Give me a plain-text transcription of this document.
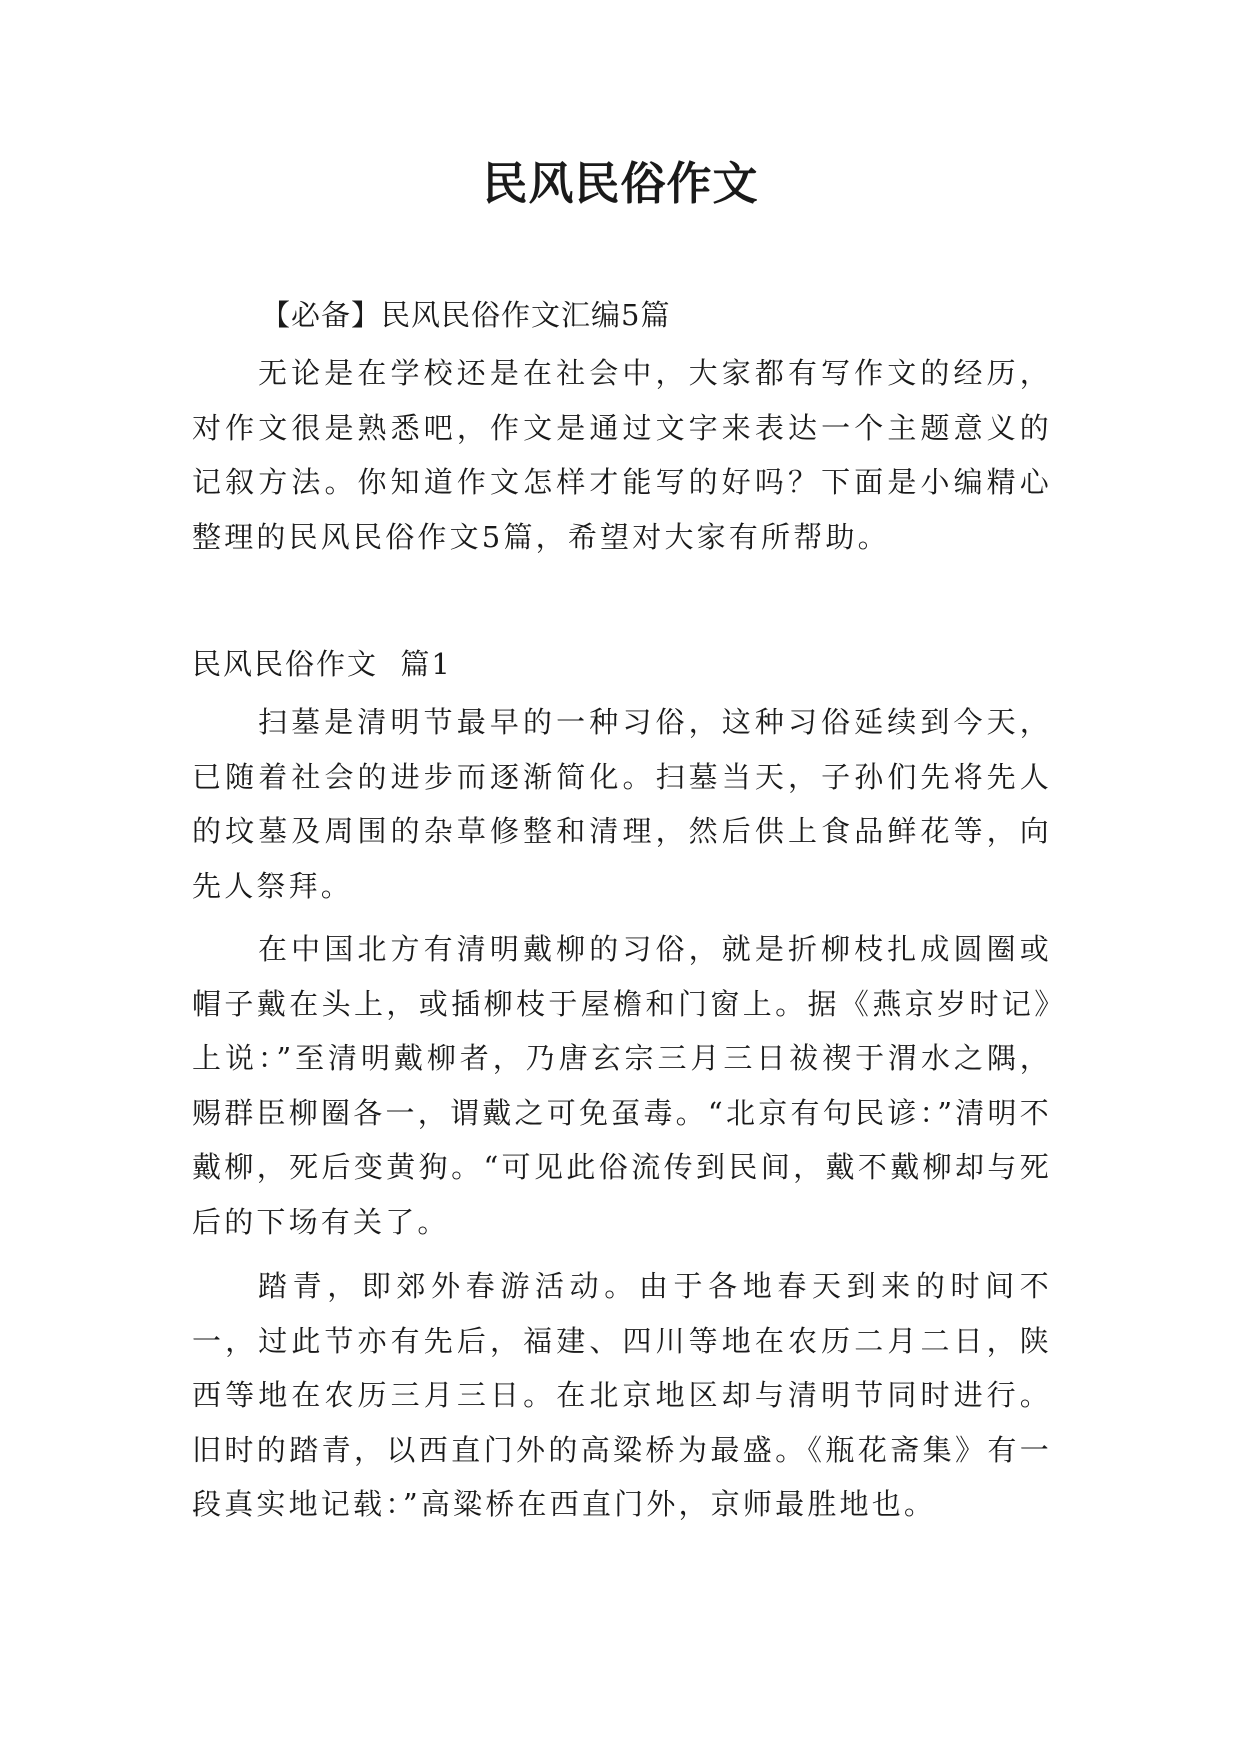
民风民俗作文
【必备】民风民俗作文汇编5篇
无论是在学校还是在社会中，大家都有写作文的经历，对作文很是熟悉吧，作文是通过文字来表达一个主题意义的记叙方法。你知道作文怎样才能写的好吗？下面是小编精心整理的民风民俗作文5篇，希望对大家有所帮助。
民风民俗作文  篇1
扫墓是清明节最早的一种习俗，这种习俗延续到今天，已随着社会的进步而逐渐简化。扫墓当天，子孙们先将先人的坟墓及周围的杂草修整和清理，然后供上食品鲜花等，向先人祭拜。
在中国北方有清明戴柳的习俗，就是折柳枝扎成圆圈或帽子戴在头上，或插柳枝于屋檐和门窗上。据《燕京岁时记》上说：”至清明戴柳者，乃唐玄宗三月三日祓禊于渭水之隅，赐群臣柳圈各一，谓戴之可免虿毒。“北京有句民谚：”清明不戴柳，死后变黄狗。“可见此俗流传到民间，戴不戴柳却与死后的下场有关了。
踏青，即郊外春游活动。由于各地春天到来的时间不一，过此节亦有先后，福建、四川等地在农历二月二日，陕西等地在农历三月三日。在北京地区却与清明节同时进行。旧时的踏青，以西直门外的高粱桥为最盛。《瓶花斋集》有一段真实地记载：”高粱桥在西直门外，京师最胜地也。
